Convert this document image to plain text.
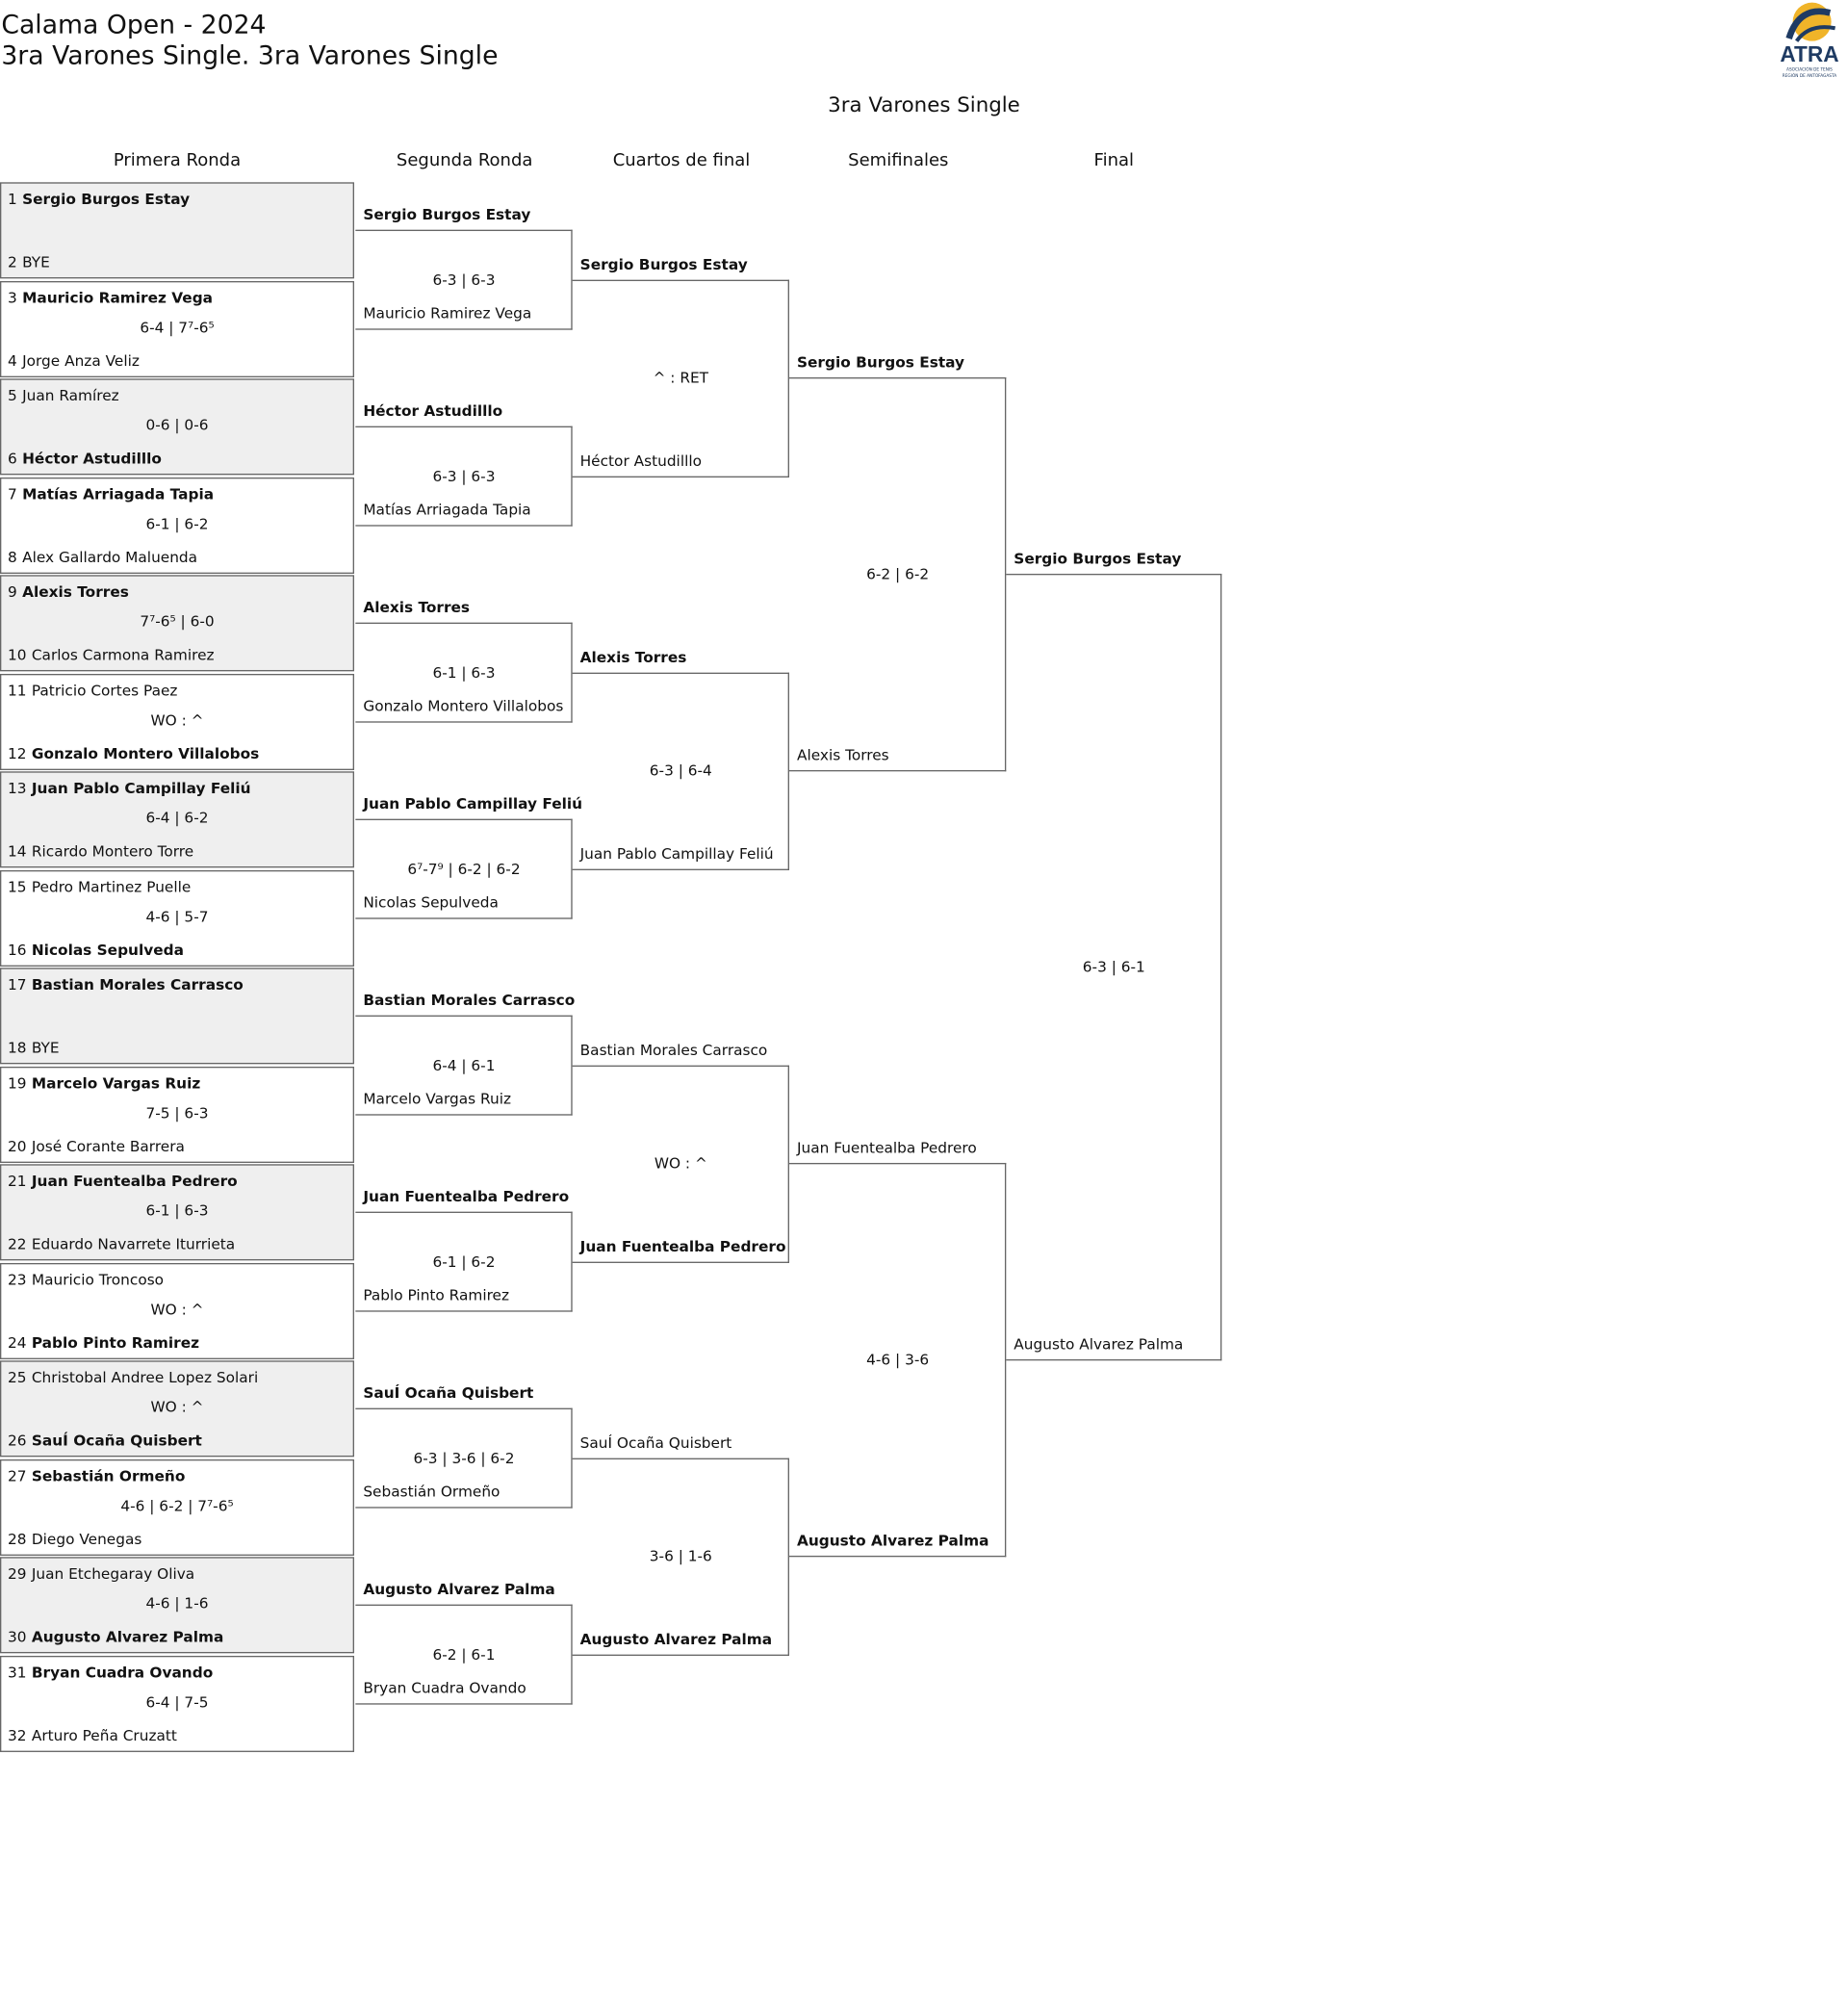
Calama Open - 2024
3ra Varones Single. 3ra Varones Single	ATRA
ASOCIACIÓN DE TENIS
REGIÓN DE ANTOFAGASTA
3ra Varones Single
Primera Ronda	Segunda Ronda	Cuartos de final	Semifinales	Final
1 Sergio Burgos Estay
2 BYE
3 Mauricio Ramirez Vega
6-4 | 7⁷-6⁵
4 Jorge Anza Veliz
5 Juan Ramírez
0-6 | 0-6
6 Héctor Astudilllo
7 Matías Arriagada Tapia
6-1 | 6-2
8 Alex Gallardo Maluenda
9 Alexis Torres
7⁷-6⁵ | 6-0
10 Carlos Carmona Ramirez
11 Patricio Cortes Paez
WO : ^
12 Gonzalo Montero Villalobos
13 Juan Pablo Campillay Feliú
6-4 | 6-2
14 Ricardo Montero Torre
15 Pedro Martinez Puelle
4-6 | 5-7
16 Nicolas Sepulveda
17 Bastian Morales Carrasco
18 BYE
19 Marcelo Vargas Ruiz
7-5 | 6-3
20 José Corante Barrera
21 Juan Fuentealba Pedrero
6-1 | 6-3
22 Eduardo Navarrete Iturrieta
23 Mauricio Troncoso
WO : ^
24 Pablo Pinto Ramirez
25 Christobal Andree Lopez Solari
WO : ^
26 SauÍ Ocaña Quisbert
27 Sebastián Ormeño
4-6 | 6-2 | 7⁷-6⁵
28 Diego Venegas
29 Juan Etchegaray Oliva
4-6 | 1-6
30 Augusto Alvarez Palma
31 Bryan Cuadra Ovando
6-4 | 7-5
32 Arturo Peña Cruzatt
Sergio Burgos Estay
Mauricio Ramirez Vega
6-3 | 6-3
Héctor Astudilllo
Matías Arriagada Tapia
6-3 | 6-3
Alexis Torres
Gonzalo Montero Villalobos
6-1 | 6-3
Juan Pablo Campillay Feliú
Nicolas Sepulveda
6⁷-7⁹ | 6-2 | 6-2
Bastian Morales Carrasco
Marcelo Vargas Ruiz
6-4 | 6-1
Juan Fuentealba Pedrero
Pablo Pinto Ramirez
6-1 | 6-2
SauÍ Ocaña Quisbert
Sebastián Ormeño
6-3 | 3-6 | 6-2
Augusto Alvarez Palma
Bryan Cuadra Ovando
6-2 | 6-1
Sergio Burgos Estay
Héctor Astudilllo
^ : RET
Alexis Torres
Juan Pablo Campillay Feliú
6-3 | 6-4
Bastian Morales Carrasco
Juan Fuentealba Pedrero
WO : ^
SauÍ Ocaña Quisbert
Augusto Alvarez Palma
3-6 | 1-6
Sergio Burgos Estay
Alexis Torres
6-2 | 6-2
Juan Fuentealba Pedrero
Augusto Alvarez Palma
4-6 | 3-6
Sergio Burgos Estay
Augusto Alvarez Palma
6-3 | 6-1
